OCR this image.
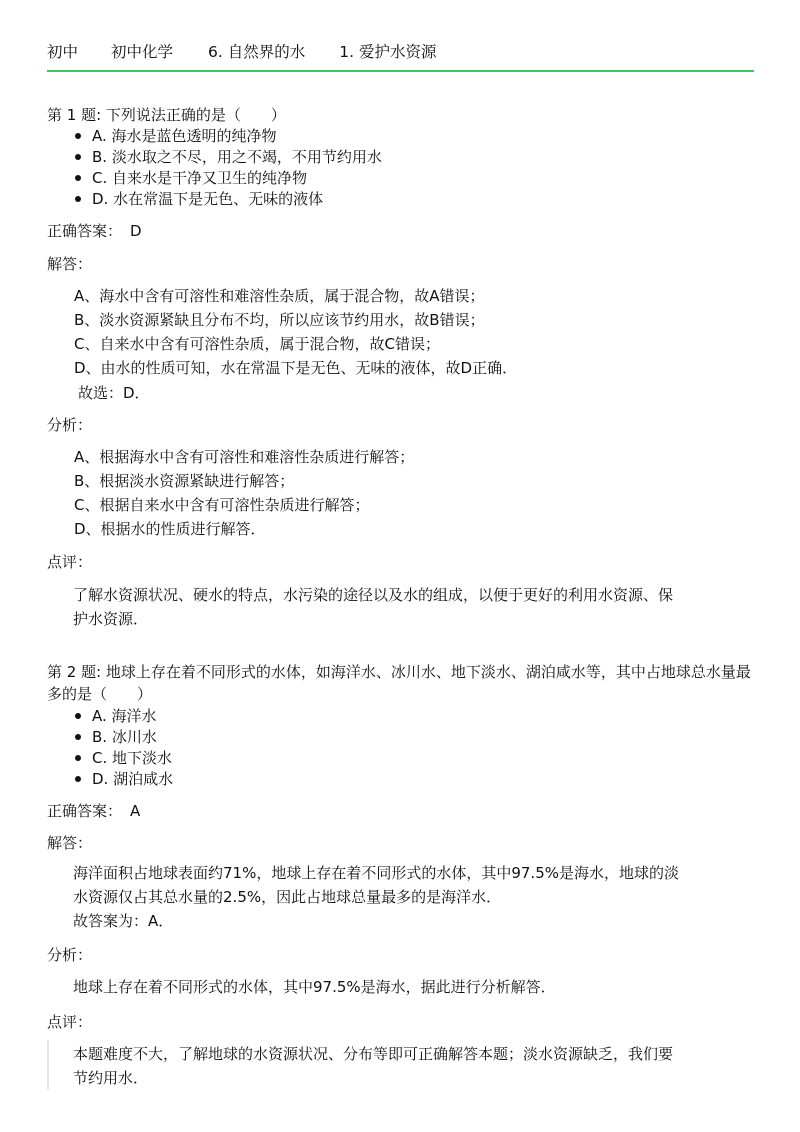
初中 初中化学 6. 自然界的水 1. 爱护水资源
第 1 题: 下列说法正确的是（　　）
A. 海水是蓝色透明的纯净物
B. 淡水取之不尽，用之不竭，不用节约用水
C. 自来水是干净又卫生的纯净物
D. 水在常温下是无色、无味的液体
正确答案： D
解答：
A、海水中含有可溶性和难溶性杂质，属于混合物，故A错误；
B、淡水资源紧缺且分布不均，所以应该节约用水，故B错误；
C、自来水中含有可溶性杂质，属于混合物，故C错误；
D、由水的性质可知，水在常温下是无色、无味的液体，故D正确．
故选：D．
分析：
A、根据海水中含有可溶性和难溶性杂质进行解答；
B、根据淡水资源紧缺进行解答；
C、根据自来水中含有可溶性杂质进行解答；
D、根据水的性质进行解答．
点评：
了解水资源状况、硬水的特点，水污染的途径以及水的组成，以便于更好的利用水资源、保
护水资源．
第 2 题: 地球上存在着不同形式的水体，如海洋水、冰川水、地下淡水、湖泊咸水等，其中占地球总水量最多的是（　　）
A. 海洋水
B. 冰川水
C. 地下淡水
D. 湖泊咸水
正确答案： A
解答：
海洋面积占地球表面约71%，地球上存在着不同形式的水体，其中97.5%是海水，地球的淡
水资源仅占其总水量的2.5%，因此占地球总量最多的是海洋水．
故答案为：A．
分析：
地球上存在着不同形式的水体，其中97.5%是海水，据此进行分析解答．
点评：
本题难度不大，了解地球的水资源状况、分布等即可正确解答本题；淡水资源缺乏，我们要
节约用水．
